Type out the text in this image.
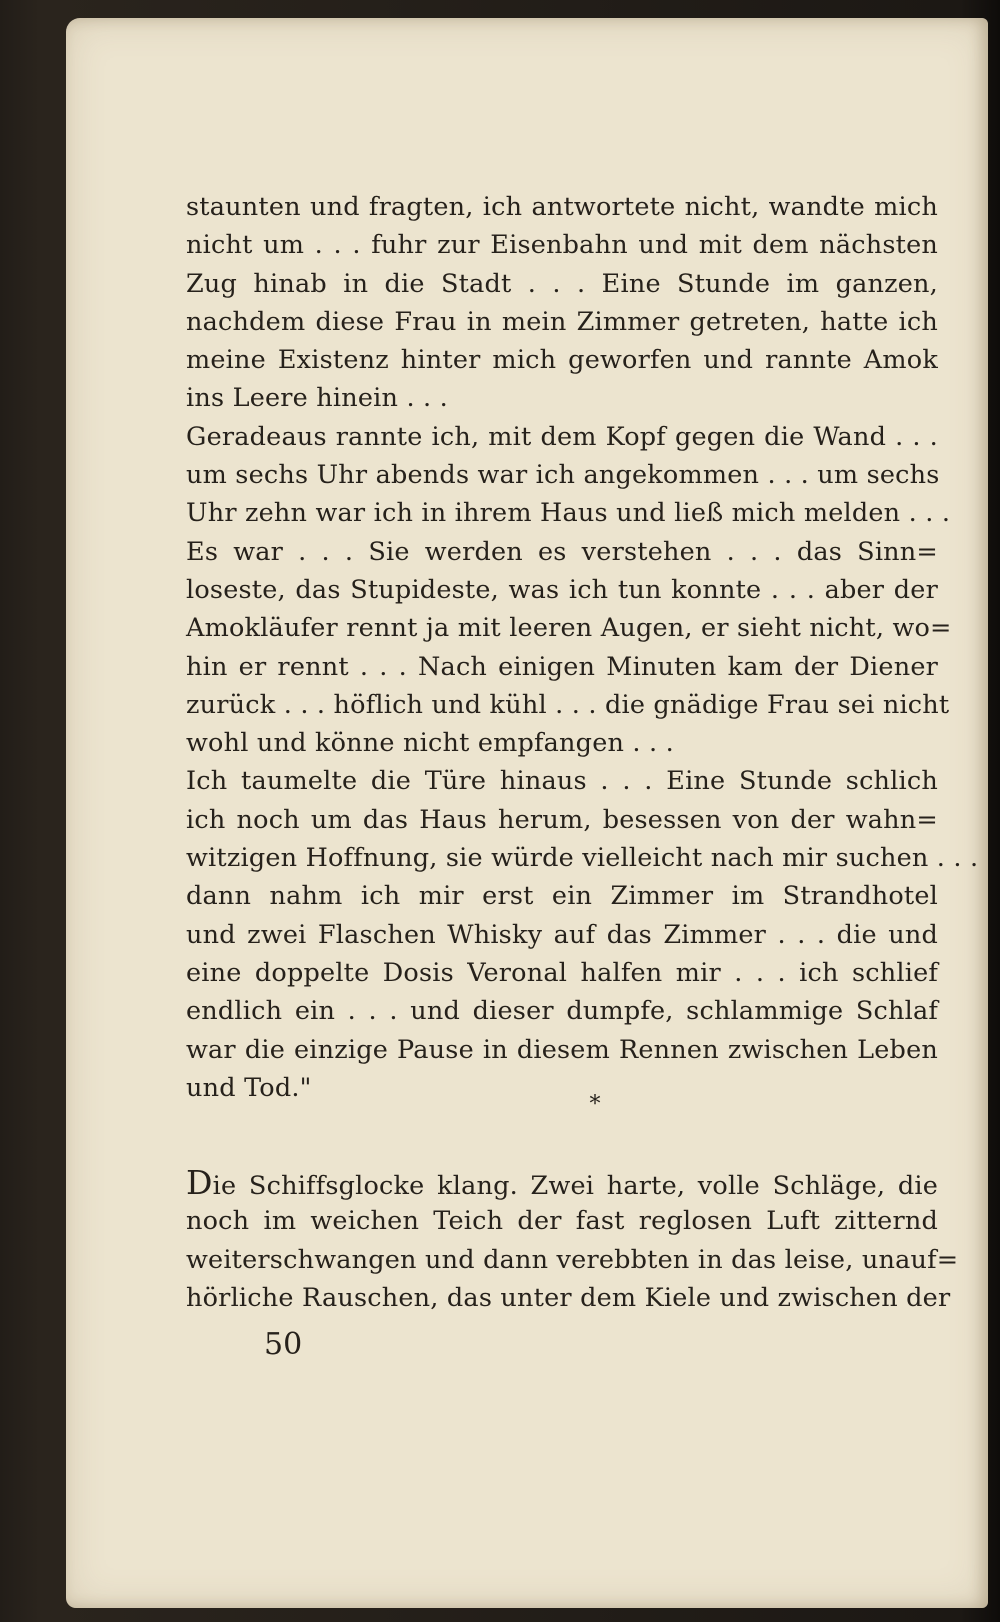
staunten und fragten, ich antwortete nicht, wandte mich
nicht um . . . fuhr zur Eisenbahn und mit dem nächsten
Zug hinab in die Stadt . . . Eine Stunde im ganzen,
nachdem diese Frau in mein Zimmer getreten, hatte ich
meine Existenz hinter mich geworfen und rannte Amok
ins Leere hinein . . .
Geradeaus rannte ich, mit dem Kopf gegen die Wand . . .
um sechs Uhr abends war ich angekommen . . . um sechs
Uhr zehn war ich in ihrem Haus und ließ mich melden . . .
Es war . . . Sie werden es verstehen . . . das Sinn=
loseste, das Stupideste, was ich tun konnte . . . aber der
Amokläufer rennt ja mit leeren Augen, er sieht nicht, wo=
hin er rennt . . . Nach einigen Minuten kam der Diener
zurück . . . höflich und kühl . . . die gnädige Frau sei nicht
wohl und könne nicht empfangen . . .
Ich taumelte die Türe hinaus . . . Eine Stunde schlich
ich noch um das Haus herum, besessen von der wahn=
witzigen Hoffnung, sie würde vielleicht nach mir suchen . . .
dann nahm ich mir erst ein Zimmer im Strandhotel
und zwei Flaschen Whisky auf das Zimmer . . . die und
eine doppelte Dosis Veronal halfen mir . . . ich schlief
endlich ein . . . und dieser dumpfe, schlammige Schlaf
war die einzige Pause in diesem Rennen zwischen Leben
und Tod."
*
Die Schiffsglocke klang. Zwei harte, volle Schläge, die
noch im weichen Teich der fast reglosen Luft zitternd
weiterschwangen und dann verebbten in das leise, unauf=
hörliche Rauschen, das unter dem Kiele und zwischen der
50
